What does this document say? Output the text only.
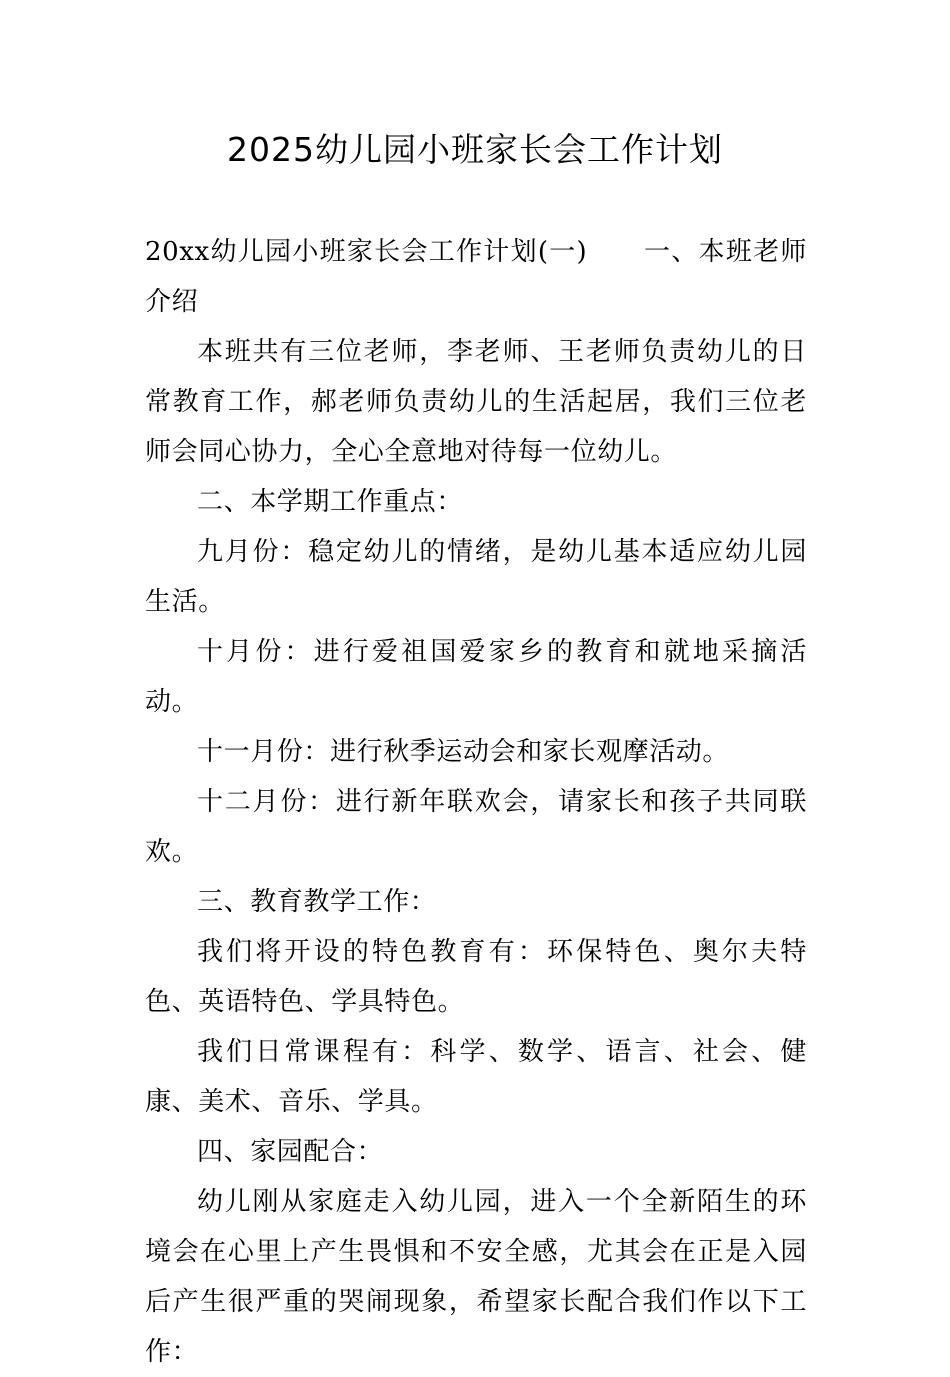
2025幼儿园小班家长会工作计划

20xx幼儿园小班家长会工作计划(一) 一、本班老师介绍

本班共有三位老师，李老师、王老师负责幼儿的日常教育工作，郝老师负责幼儿的生活起居，我们三位老师会同心协力，全心全意地对待每一位幼儿。

二、本学期工作重点：

九月份：稳定幼儿的情绪，是幼儿基本适应幼儿园生活。

十月份：进行爱祖国爱家乡的教育和就地采摘活动。

十一月份：进行秋季运动会和家长观摩活动。

十二月份：进行新年联欢会，请家长和孩子共同联欢。

三、教育教学工作：

我们将开设的特色教育有：环保特色、奥尔夫特色、英语特色、学具特色。

我们日常课程有：科学、数学、语言、社会、健康、美术、音乐、学具。

四、家园配合：

幼儿刚从家庭走入幼儿园，进入一个全新陌生的环境会在心里上产生畏惧和不安全感，尤其会在正是入园后产生很严重的哭闹现象，希望家长配合我们作以下工作：
